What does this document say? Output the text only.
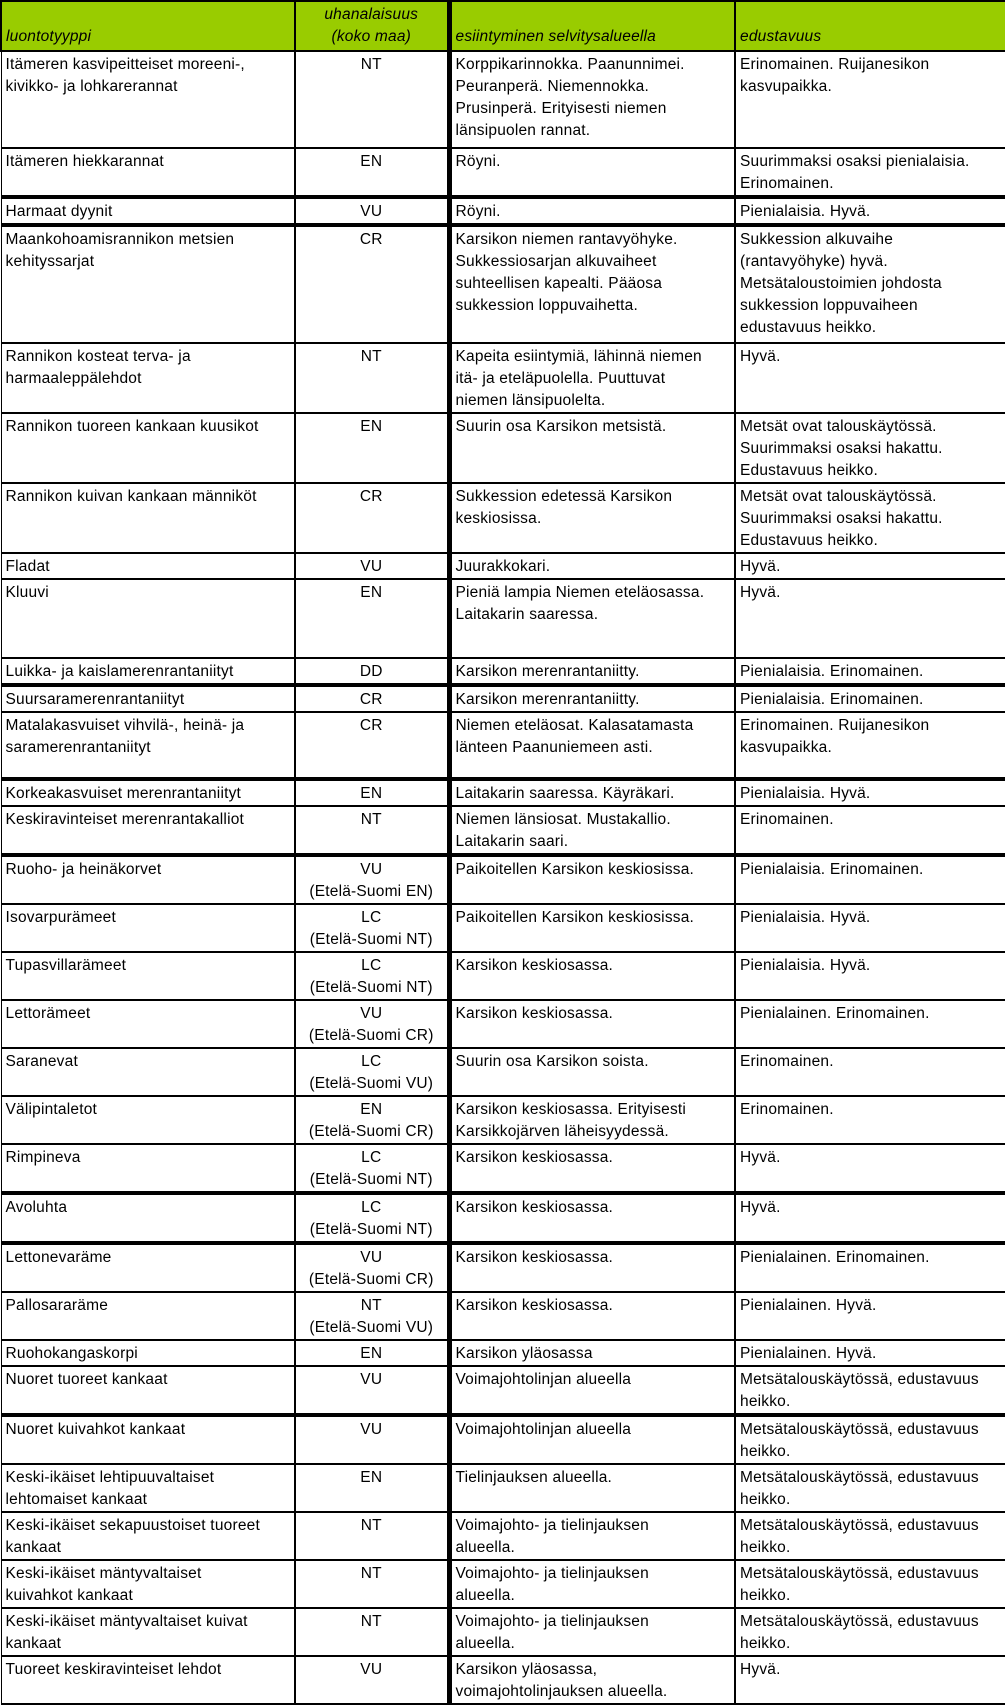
luontotyyppi	uhanalaisuus
(koko maa)	esiintyminen selvitysalueella	edustavuus

Itämeren kasvipeitteiset moreeni-,
kivikko- ja lohkarerannat	NT	Korppikarinnokka. Paanunnimei.
Peuranperä. Niemennokka.
Prusinperä. Erityisesti niemen
länsipuolen rannat.	Erinomainen. Ruijanesikon
kasvupaikka.

Itämeren hiekkarannat	EN	Röyni.	Suurimmaksi osaksi pienialaisia.
Erinomainen.

Harmaat dyynit	VU	Röyni.	Pienialaisia. Hyvä.

Maankohoamisrannikon metsien
kehityssarjat	CR	Karsikon niemen rantavyöhyke.
Sukkessiosarjan alkuvaiheet
suhteellisen kapealti. Pääosa
sukkession loppuvaihetta.	Sukkession alkuvaihe
(rantavyöhyke) hyvä.
Metsätaloustoimien johdosta
sukkession loppuvaiheen
edustavuus heikko.

Rannikon kosteat terva- ja
harmaaleppälehdot	NT	Kapeita esiintymiä, lähinnä niemen
itä- ja eteläpuolella. Puuttuvat
niemen länsipuolelta.	Hyvä.

Rannikon tuoreen kankaan kuusikot	EN	Suurin osa Karsikon metsistä.	Metsät ovat talouskäytössä.
Suurimmaksi osaksi hakattu.
Edustavuus heikko.

Rannikon kuivan kankaan männiköt	CR	Sukkession edetessä Karsikon
keskiosissa.	Metsät ovat talouskäytössä.
Suurimmaksi osaksi hakattu.
Edustavuus heikko.

Fladat	VU	Juurakkokari.	Hyvä.

Kluuvi	EN	Pieniä lampia Niemen eteläosassa.
Laitakarin saaressa.	Hyvä.

Luikka- ja kaislamerenrantaniityt	DD	Karsikon merenrantaniitty.	Pienialaisia. Erinomainen.

Suursaramerenrantaniityt	CR	Karsikon merenrantaniitty.	Pienialaisia. Erinomainen.

Matalakasvuiset vihvilä-, heinä- ja
saramerenrantaniityt	CR	Niemen eteläosat. Kalasatamasta
länteen Paanuniemeen asti.	Erinomainen. Ruijanesikon
kasvupaikka.

Korkeakasvuiset merenrantaniityt	EN	Laitakarin saaressa. Käyräkari.	Pienialaisia. Hyvä.

Keskiravinteiset merenrantakalliot	NT	Niemen länsiosat. Mustakallio.
Laitakarin saari.	Erinomainen.

Ruoho- ja heinäkorvet	VU
(Etelä-Suomi EN)	Paikoitellen Karsikon keskiosissa.	Pienialaisia. Erinomainen.

Isovarpurämeet	LC
(Etelä-Suomi NT)	Paikoitellen Karsikon keskiosissa.	Pienialaisia. Hyvä.

Tupasvillarämeet	LC
(Etelä-Suomi NT)	Karsikon keskiosassa.	Pienialaisia. Hyvä.

Lettorämeet	VU
(Etelä-Suomi CR)	Karsikon keskiosassa.	Pienialainen. Erinomainen.

Saranevat	LC
(Etelä-Suomi VU)	Suurin osa Karsikon soista.	Erinomainen.

Välipintaletot	EN
(Etelä-Suomi CR)	Karsikon keskiosassa. Erityisesti
Karsikkojärven läheisyydessä.	Erinomainen.

Rimpineva	LC
(Etelä-Suomi NT)	Karsikon keskiosassa.	Hyvä.

Avoluhta	LC
(Etelä-Suomi NT)	Karsikon keskiosassa.	Hyvä.

Lettonevaräme	VU
(Etelä-Suomi CR)	Karsikon keskiosassa.	Pienialainen. Erinomainen.

Pallosararäme	NT
(Etelä-Suomi VU)	Karsikon keskiosassa.	Pienialainen. Hyvä.

Ruohokangaskorpi	EN	Karsikon yläosassa	Pienialainen. Hyvä.

Nuoret tuoreet kankaat	VU	Voimajohtolinjan alueella	Metsätalouskäytössä, edustavuus
heikko.

Nuoret kuivahkot kankaat	VU	Voimajohtolinjan alueella	Metsätalouskäytössä, edustavuus
heikko.

Keski-ikäiset lehtipuuvaltaiset
lehtomaiset kankaat	EN	Tielinjauksen alueella.	Metsätalouskäytössä, edustavuus
heikko.

Keski-ikäiset sekapuustoiset tuoreet
kankaat	NT	Voimajohto- ja tielinjauksen
alueella.	Metsätalouskäytössä, edustavuus
heikko.

Keski-ikäiset mäntyvaltaiset
kuivahkot kankaat	NT	Voimajohto- ja tielinjauksen
alueella.	Metsätalouskäytössä, edustavuus
heikko.

Keski-ikäiset mäntyvaltaiset kuivat
kankaat	NT	Voimajohto- ja tielinjauksen
alueella.	Metsätalouskäytössä, edustavuus
heikko.

Tuoreet keskiravinteiset lehdot	VU	Karsikon yläosassa,
voimajohtolinjauksen alueella.	Hyvä.
